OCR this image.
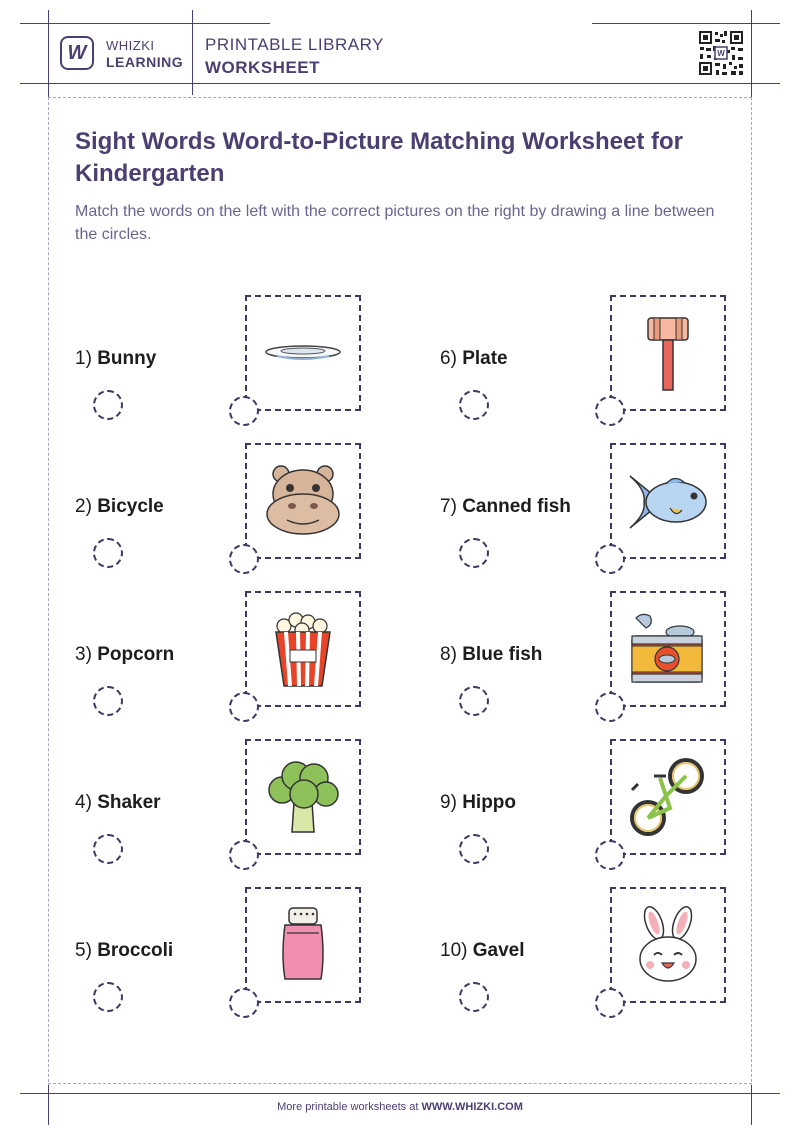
W WHIZKI
LEARNING
PRINTABLE LIBRARY
WORKSHEET
W
Sight Words Word-to-Picture Matching Worksheet for Kindergarten
Match the words on the left with the correct pictures on the right by drawing a line between the circles.
1) Bunny
2) Bicycle
3) Popcorn
4) Shaker
5) Broccoli
6) Plate
7) Canned fish
8) Blue fish
9) Hippo
10) Gavel
More printable worksheets at WWW.WHIZKI.COM
